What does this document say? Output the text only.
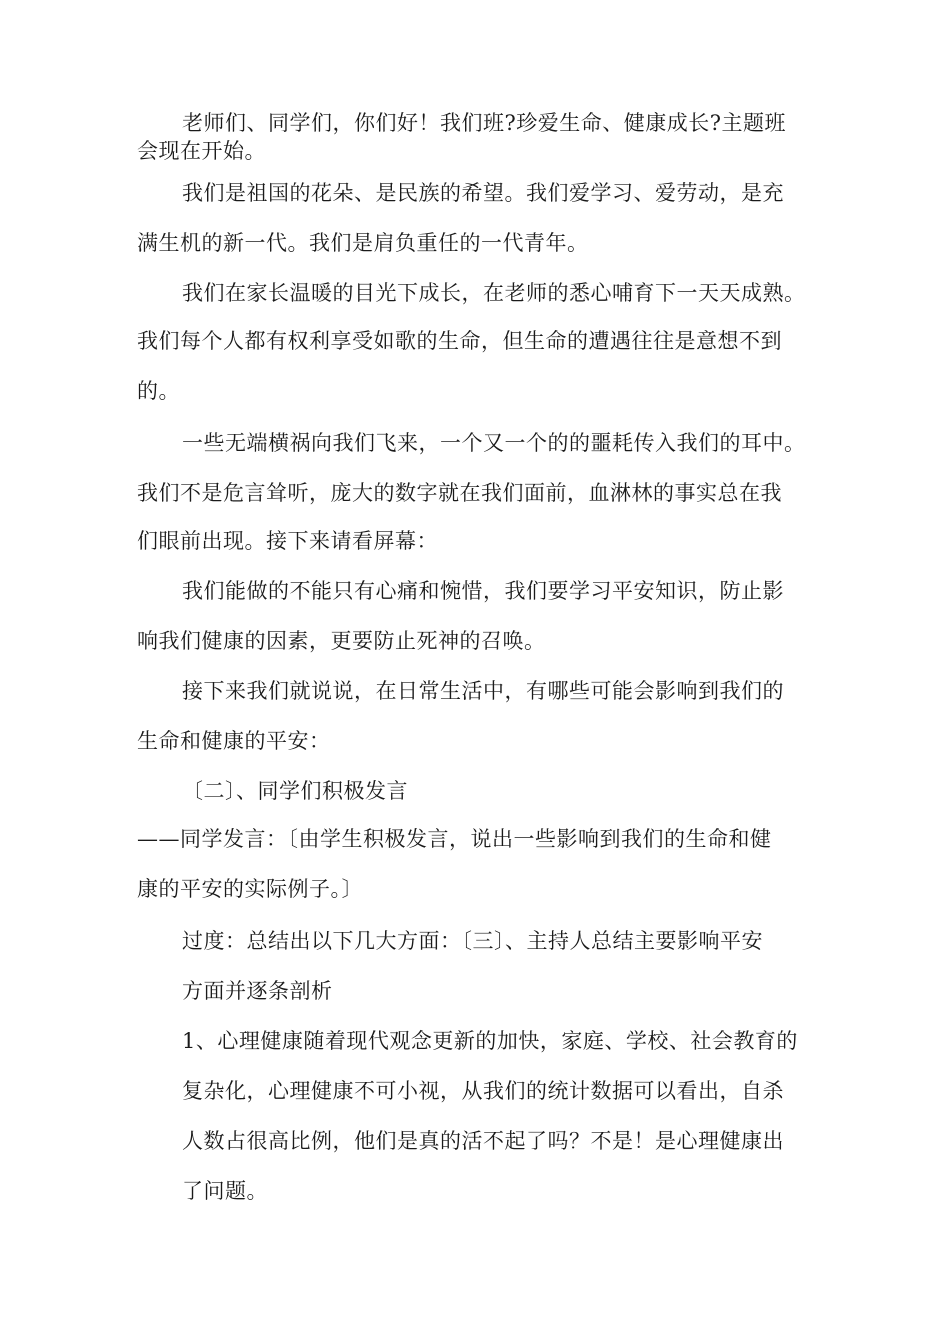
老师们、同学们，你们好！我们班?珍爱生命、健康成长?主题班
会现在开始。
我们是祖国的花朵、是民族的希望。我们爱学习、爱劳动，是充
满生机的新一代。我们是肩负重任的一代青年。
我们在家长温暖的目光下成长，在老师的悉心哺育下一天天成熟。
我们每个人都有权利享受如歌的生命，但生命的遭遇往往是意想不到
的。
一些无端横祸向我们飞来，一个又一个的的噩耗传入我们的耳中。
我们不是危言耸听，庞大的数字就在我们面前，血淋林的事实总在我
们眼前出现。接下来请看屏幕：
我们能做的不能只有心痛和惋惜，我们要学习平安知识，防止影
响我们健康的因素，更要防止死神的召唤。
接下来我们就说说，在日常生活中，有哪些可能会影响到我们的
生命和健康的平安：
〔二〕、同学们积极发言
——同学发言：〔由学生积极发言，说出一些影响到我们的生命和健
康的平安的实际例子。〕
过度：总结出以下几大方面：〔三〕、主持人总结主要影响平安
方面并逐条剖析
1、心理健康随着现代观念更新的加快，家庭、学校、社会教育的
复杂化，心理健康不可小视，从我们的统计数据可以看出，自杀
人数占很高比例，他们是真的活不起了吗？不是！是心理健康出
了问题。
